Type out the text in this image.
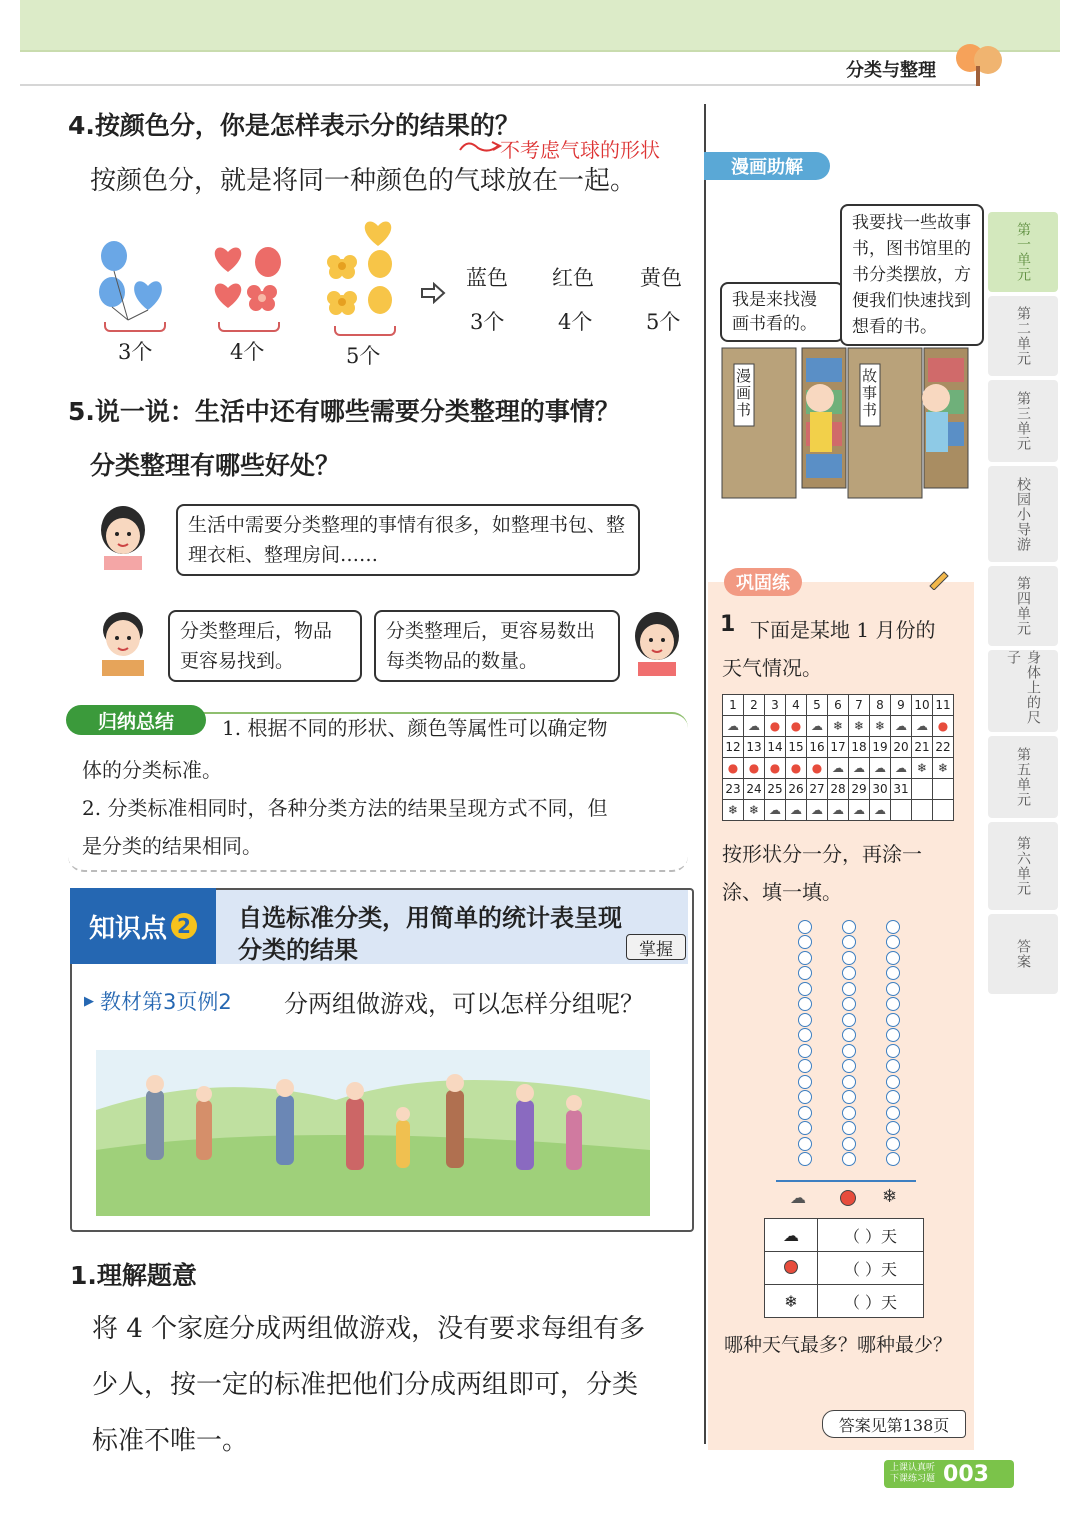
分类与整理
第一单元
第二单元
第三单元
校园小导游
第四单元
身体上的尺子
第五单元
第六单元
答案
4.按颜色分，你是怎样表示分的结果的？
不考虑气球的形状
按颜色分，就是将同一种颜色的气球放在一起。
3个	4个	5个
蓝色 红色 黄色
3个	4个	5个
5.说一说：生活中还有哪些需要分类整理的事情？
分类整理有哪些好处？
生活中需要分类整理的事情有很多，如整理书包、整理衣柜、整理房间……
分类整理后，物品更容易找到。
分类整理后，更容易数出每类物品的数量。
归纳总结	1. 根据不同的形状、颜色等属性可以确定物
体的分类标准。
2. 分类标准相同时，各种分类方法的结果呈现方式不同，但
是分类的结果相同。
知识点 2 自选标准分类，用简单的统计表呈现
分类的结果	掌握
▶ 教材第3页例2 分两组做游戏，可以怎样分组呢？
1.理解题意
将 4 个家庭分成两组做游戏，没有要求每组有多
少人，按一定的标准把他们分成两组即可，分类
标准不唯一。
漫画助解
我是来找漫画书看的。
我要找一些故事书，图书馆里的书分类摆放，方便我们快速找到想看的书。
漫画书
故事书
巩固练
1 下面是某地 1 月份的
天气情况。
1	2	3	4	5	6	7	8	9	10	11
☁	☁	●	●	☁	❄	❄	❄	☁	☁	●
12	13	14	15	16	17	18	19	20	21	22
●	●	●	●	●	☁	☁	☁	☁	❄	❄
23	24	25	26	27	28	29	30	31		
❄	❄	☁	☁	☁	☁	☁	☁			
按形状分一分，再涂一
涂、填一填。
☁	❄
☁	（ ）天
	（ ）天
❄	（ ）天
哪种天气最多？哪种最少？
答案见第138页
上课认真听
下课练习题 003
